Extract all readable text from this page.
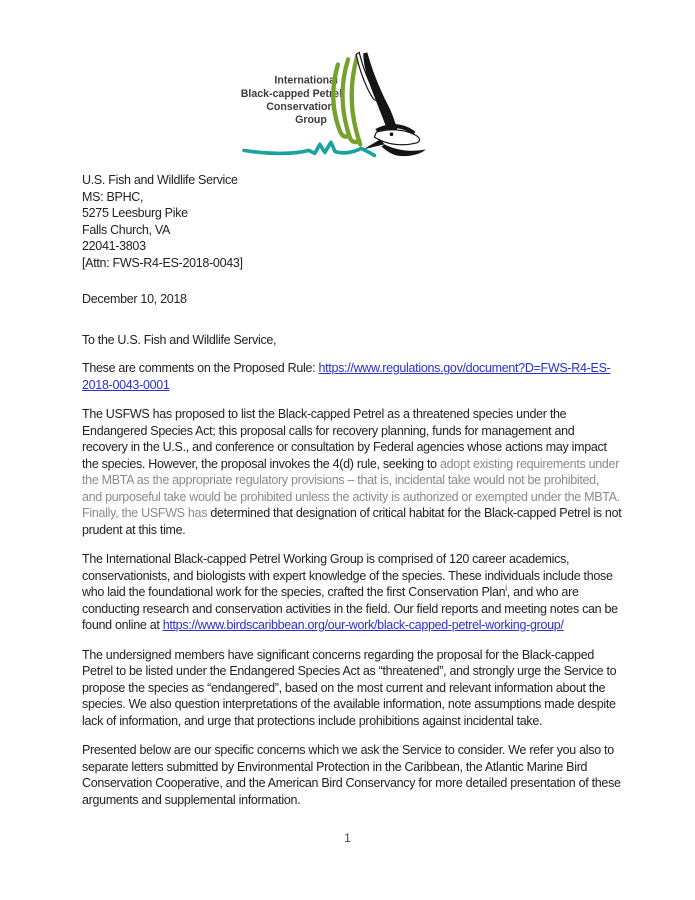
International
Black-capped Petrel
Conservation
Group
U.S. Fish and Wildlife Service
MS: BPHC,
5275 Leesburg Pike
Falls Church, VA
22041-3803
[Attn: FWS-R4-ES-2018-0043]
December 10, 2018
To the U.S. Fish and Wildlife Service,

These are comments on the Proposed Rule: https://www.regulations.gov/document?D=FWS-R4-ES-2018-0043-0001

The USFWS has proposed to list the Black-capped Petrel as a threatened species under the Endangered Species Act; this proposal calls for recovery planning, funds for management and recovery in the U.S., and conference or consultation by Federal agencies whose actions may impact the species. However, the proposal invokes the 4(d) rule, seeking to adopt existing requirements under the MBTA as the appropriate regulatory provisions – that is, incidental take would not be prohibited, and purposeful take would be prohibited unless the activity is authorized or exempted under the MBTA. Finally, the USFWS has determined that designation of critical habitat for the Black-capped Petrel is not prudent at this time.

The International Black-capped Petrel Working Group is comprised of 120 career academics, conservationists, and biologists with expert knowledge of the species. These individuals include those who laid the foundational work for the species, crafted the first Conservation Plan$^i$, and who are conducting research and conservation activities in the field. Our field reports and meeting notes can be found online at https://www.birdscaribbean.org/our-work/black-capped-petrel-working-group/

The undersigned members have significant concerns regarding the proposal for the Black-capped Petrel to be listed under the Endangered Species Act as “threatened”, and strongly urge the Service to propose the species as “endangered”, based on the most current and relevant information about the species. We also question interpretations of the available information, note assumptions made despite lack of information, and urge that protections include prohibitions against incidental take.

Presented below are our specific concerns which we ask the Service to consider. We refer you also to separate letters submitted by Environmental Protection in the Caribbean, the Atlantic Marine Bird Conservation Cooperative, and the American Bird Conservancy for more detailed presentation of these arguments and supplemental information.

1
